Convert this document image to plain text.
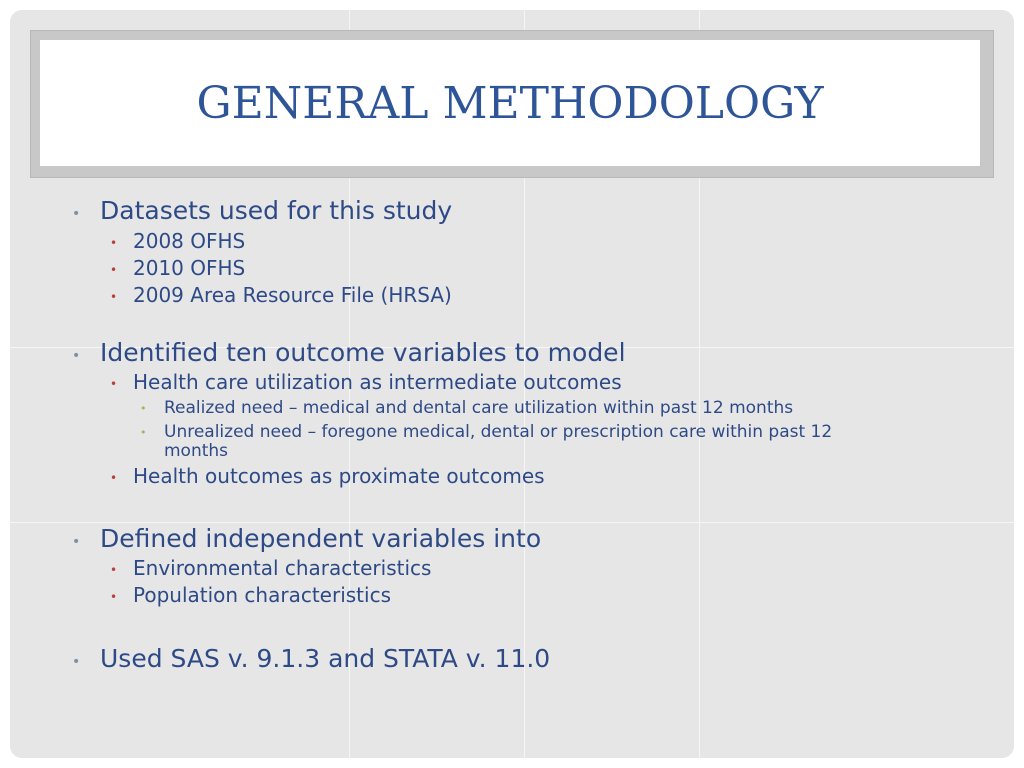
GENERAL METHODOLOGY
• Datasets used for this study
• 2008 OFHS
• 2010 OFHS
• 2009 Area Resource File (HRSA)
• Identified ten outcome variables to model
• Health care utilization as intermediate outcomes
• Realized need – medical and dental care utilization within past 12 months
• Unrealized need – foregone medical, dental or prescription care within past 12
months
• Health outcomes as proximate outcomes
• Defined independent variables into
• Environmental characteristics
• Population characteristics
• Used SAS v. 9.1.3 and STATA v. 11.0
